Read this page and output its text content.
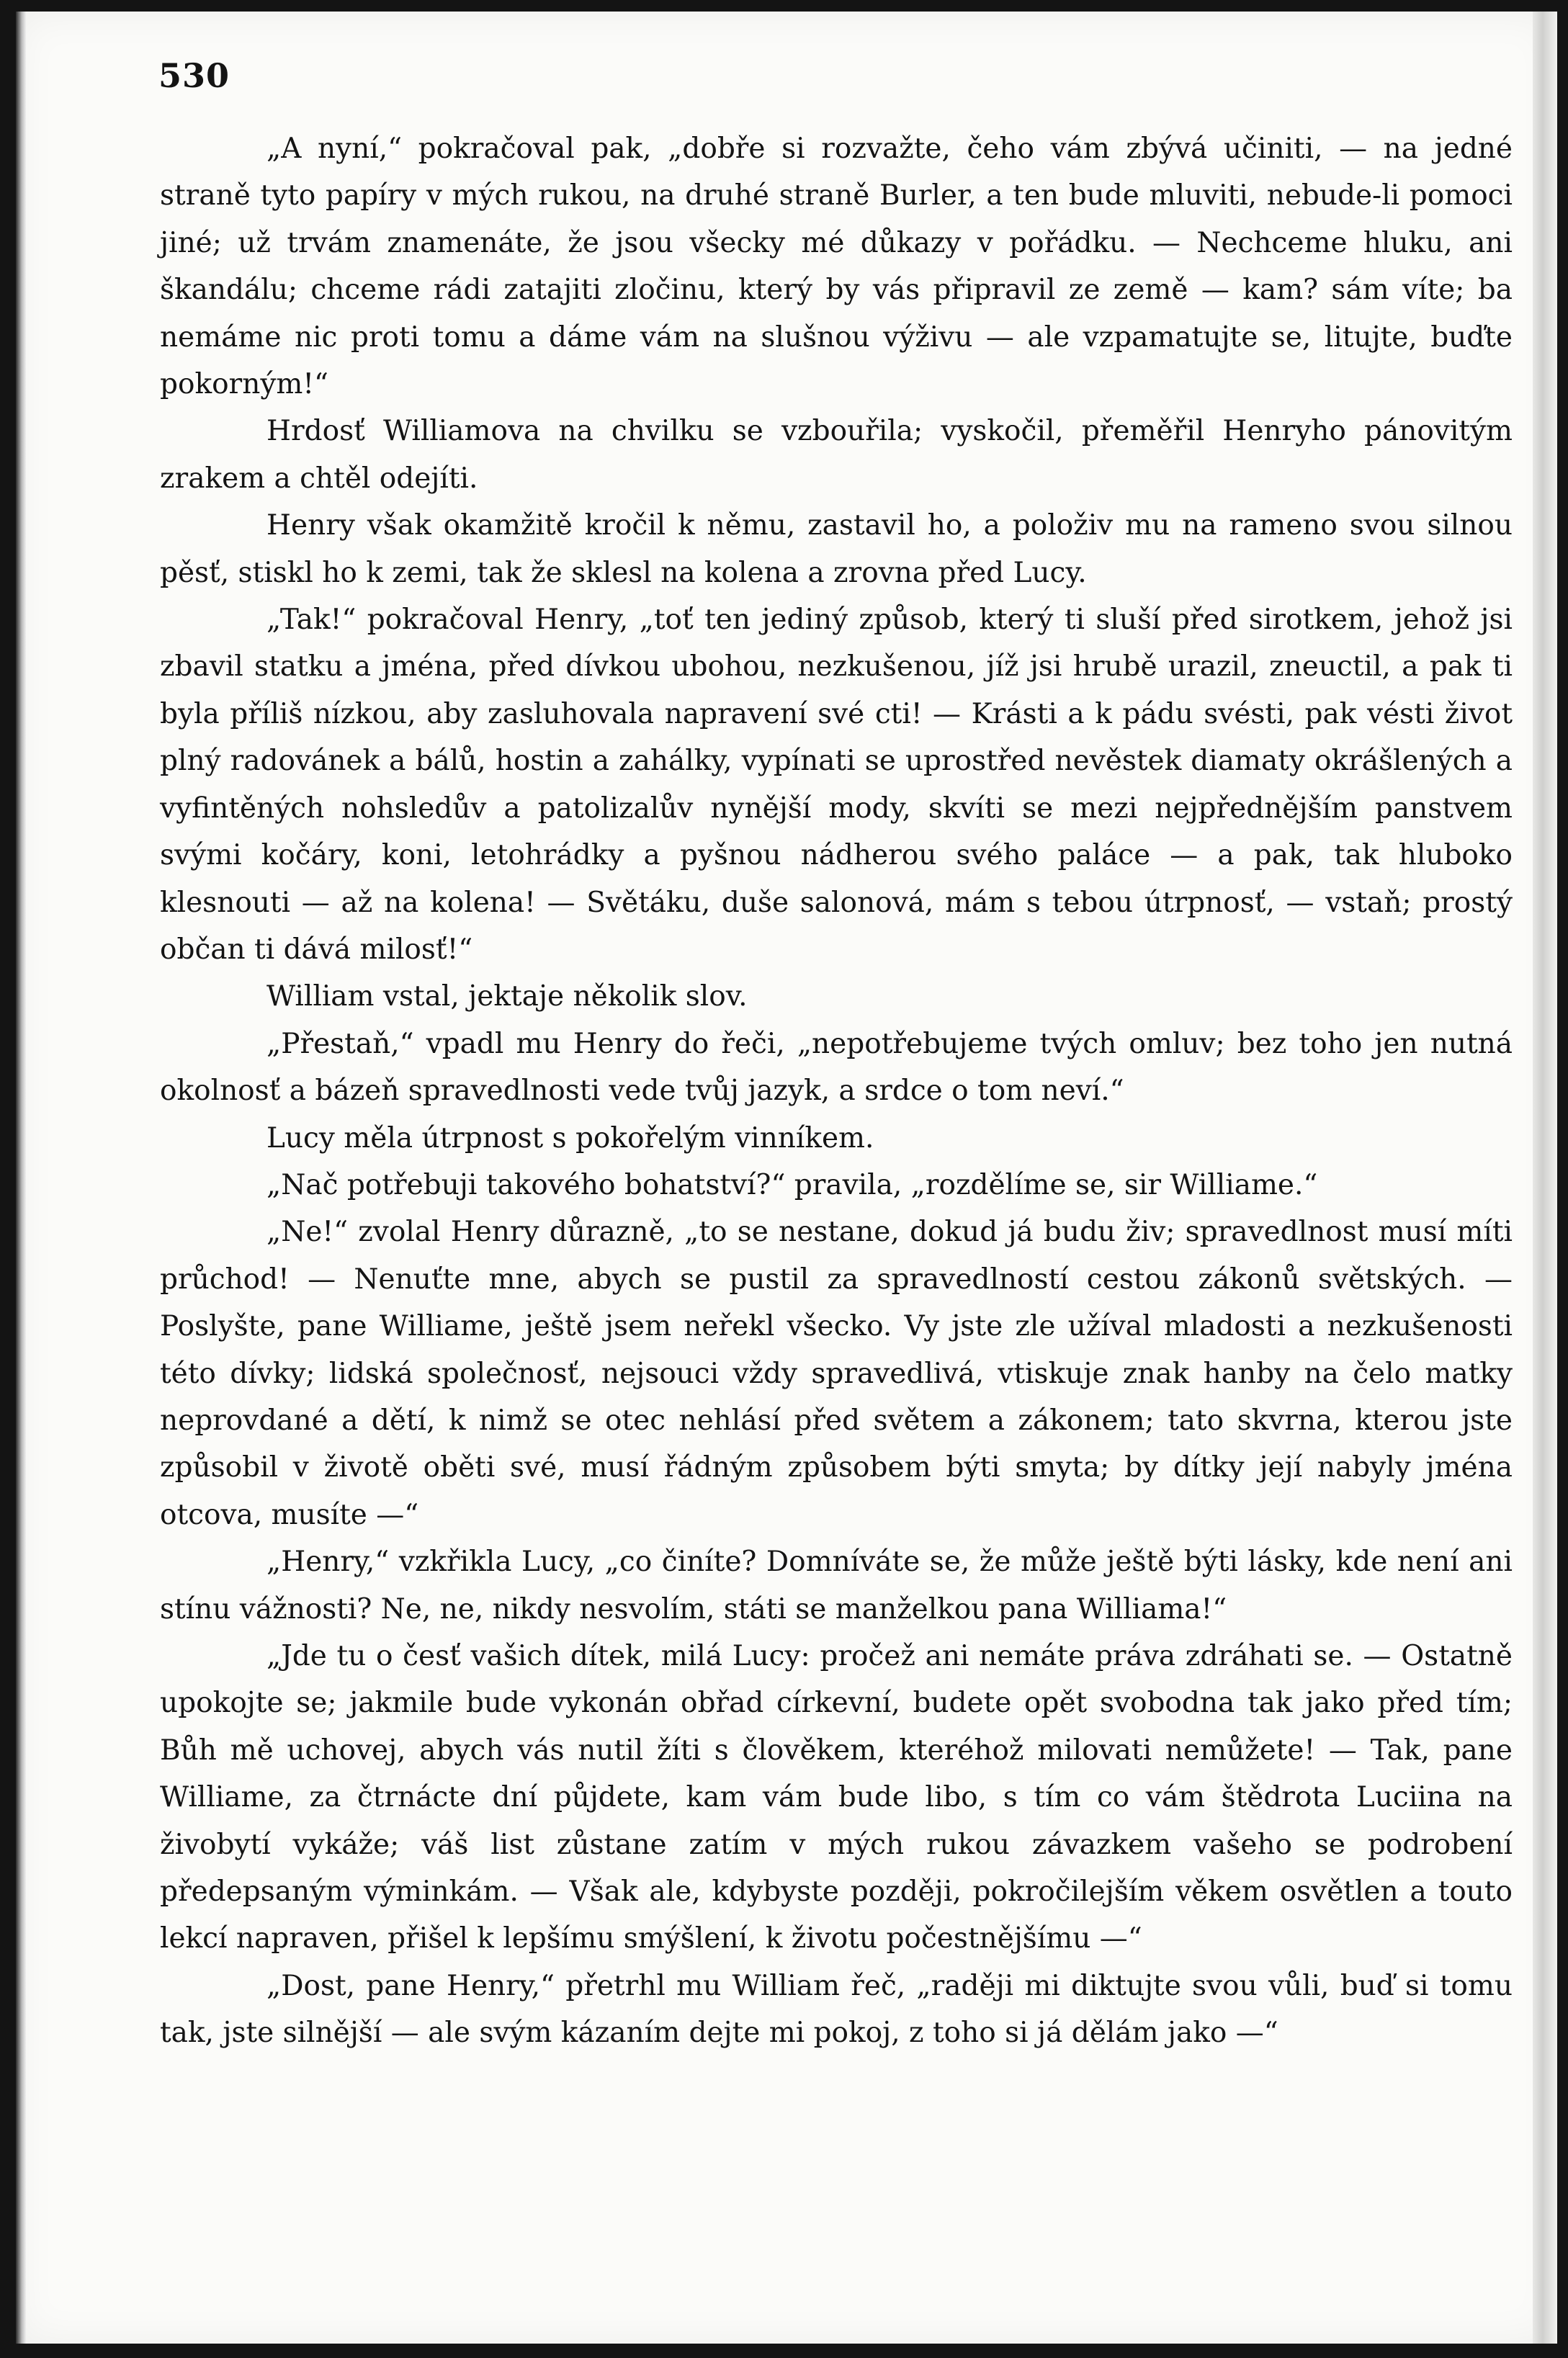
530

„A nyní,“ pokračoval pak, „dobře si rozvažte, čeho vám zbývá učiniti, — na jedné straně tyto papíry v mých rukou, na druhé straně Burler, a ten bude mluviti, nebude-li pomoci jiné; už trvám znamenáte, že jsou všecky mé důkazy v pořádku. — Nechceme hluku, ani škandálu; chceme rádi zatajiti zločinu, který by vás připravil ze země — kam? sám víte; ba nemáme nic proti tomu a dáme vám na slušnou výživu — ale vzpamatujte se, litujte, buďte pokorným!“

Hrdosť Williamova na chvilku se vzbouřila; vyskočil, přeměřil Henryho pánovitým zrakem a chtěl odejíti.

Henry však okamžitě kročil k němu, zastavil ho, a položiv mu na rameno svou silnou pěsť, stiskl ho k zemi, tak že sklesl na kolena a zrovna před Lucy.

„Tak!“ pokračoval Henry, „toť ten jediný způsob, který ti sluší před sirotkem, jehož jsi zbavil statku a jména, před dívkou ubohou, nezkušenou, jíž jsi hrubě urazil, zneuctil, a pak ti byla příliš nízkou, aby zasluhovala napravení své cti! — Krásti a k pádu svésti, pak vésti život plný radovánek a bálů, hostin a zahálky, vypínati se uprostřed nevěstek diamaty okrášlených a vyfintěných nohsledův a patolizalův nynější mody, skvíti se mezi nejpřednějším panstvem svými kočáry, koni, letohrádky a pyšnou nádherou svého paláce — a pak, tak hluboko klesnouti — až na kolena! — Světáku, duše salonová, mám s tebou útrpnosť, — vstaň; prostý občan ti dává milosť!“

William vstal, jektaje několik slov.

„Přestaň,“ vpadl mu Henry do řeči, „nepotřebujeme tvých omluv; bez toho jen nutná okolnosť a bázeň spravedlnosti vede tvůj jazyk, a srdce o tom neví.“

Lucy měla útrpnost s pokořelým vinníkem.

„Nač potřebuji takového bohatství?“ pravila, „rozdělíme se, sir Williame.“

„Ne!“ zvolal Henry důrazně, „to se nestane, dokud já budu živ; spravedlnost musí míti průchod! — Nenuťte mne, abych se pustil za spravedlností cestou zákonů světských. — Poslyšte, pane Williame, ještě jsem neřekl všecko. Vy jste zle užíval mladosti a nezkušenosti této dívky; lidská společnosť, nejsouci vždy spravedlivá, vtiskuje znak hanby na čelo matky neprovdané a dětí, k nimž se otec nehlásí před světem a zákonem; tato skvrna, kterou jste způsobil v životě oběti své, musí řádným způsobem býti smyta; by dítky její nabyly jména otcova, musíte —“

„Henry,“ vzkřikla Lucy, „co činíte? Domníváte se, že může ještě býti lásky, kde není ani stínu vážnosti? Ne, ne, nikdy nesvolím, státi se manželkou pana Williama!“

„Jde tu o česť vašich dítek, milá Lucy: pročež ani nemáte práva zdráhati se. — Ostatně upokojte se; jakmile bude vykonán obřad církevní, budete opět svobodna tak jako před tím; Bůh mě uchovej, abych vás nutil žíti s člověkem, kteréhož milovati nemůžete! — Tak, pane Williame, za čtrnácte dní půjdete, kam vám bude libo, s tím co vám štědrota Luciina na živobytí vykáže; váš list zůstane zatím v mých rukou závazkem vašeho se podrobení předepsaným výminkám. — Však ale, kdybyste později, pokročilejším věkem osvětlen a touto lekcí napraven, přišel k lepšímu smýšlení, k životu počestnějšímu —“

„Dost, pane Henry,“ přetrhl mu William řeč, „raději mi diktujte svou vůli, buď si tomu tak, jste silnější — ale svým kázaním dejte mi pokoj, z toho si já dělám jako —“
